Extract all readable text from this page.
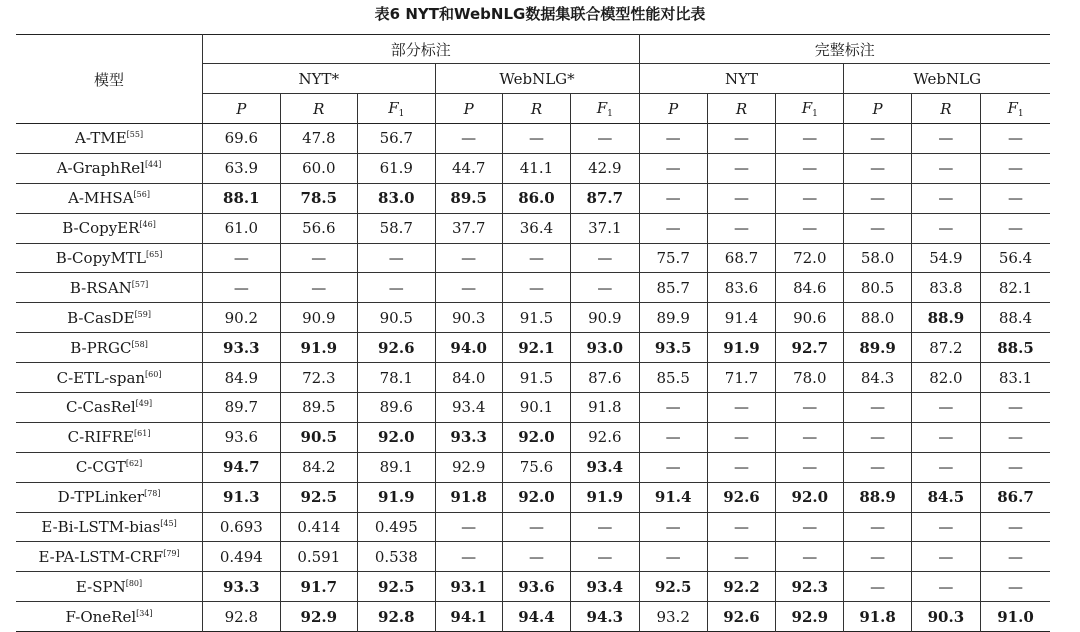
表6 NYT和WebNLG数据集联合模型性能对比表
模型	部分标注						完整标注					
	NYT*			WebNLG*			NYT			WebNLG		
	P	R	$F_1$	P	R	$F_1$	P	R	$F_1$	P	R	$F_1$
A-TME[55]	69.6	47.8	56.7	—	—	—	—	—	—	—	—	—
A-GraphRel[44]	63.9	60.0	61.9	44.7	41.1	42.9	—	—	—	—	—	—
A-MHSA[56]	88.1	78.5	83.0	89.5	86.0	87.7	—	—	—	—	—	—
B-CopyER[46]	61.0	56.6	58.7	37.7	36.4	37.1	—	—	—	—	—	—
B-CopyMTL[65]	—	—	—	—	—	—	75.7	68.7	72.0	58.0	54.9	56.4
B-RSAN[57]	—	—	—	—	—	—	85.7	83.6	84.6	80.5	83.8	82.1
B-CasDE[59]	90.2	90.9	90.5	90.3	91.5	90.9	89.9	91.4	90.6	88.0	88.9	88.4
B-PRGC[58]	93.3	91.9	92.6	94.0	92.1	93.0	93.5	91.9	92.7	89.9	87.2	88.5
C-ETL-span[60]	84.9	72.3	78.1	84.0	91.5	87.6	85.5	71.7	78.0	84.3	82.0	83.1
C-CasRel[49]	89.7	89.5	89.6	93.4	90.1	91.8	—	—	—	—	—	—
C-RIFRE[61]	93.6	90.5	92.0	93.3	92.0	92.6	—	—	—	—	—	—
C-CGT[62]	94.7	84.2	89.1	92.9	75.6	93.4	—	—	—	—	—	—
D-TPLinker[78]	91.3	92.5	91.9	91.8	92.0	91.9	91.4	92.6	92.0	88.9	84.5	86.7
E-Bi-LSTM-bias[45]	0.693	0.414	0.495	—	—	—	—	—	—	—	—	—
E-PA-LSTM-CRF[79]	0.494	0.591	0.538	—	—	—	—	—	—	—	—	—
E-SPN[80]	93.3	91.7	92.5	93.1	93.6	93.4	92.5	92.2	92.3	—	—	—
F-OneRel[34]	92.8	92.9	92.8	94.1	94.4	94.3	93.2	92.6	92.9	91.8	90.3	91.0
